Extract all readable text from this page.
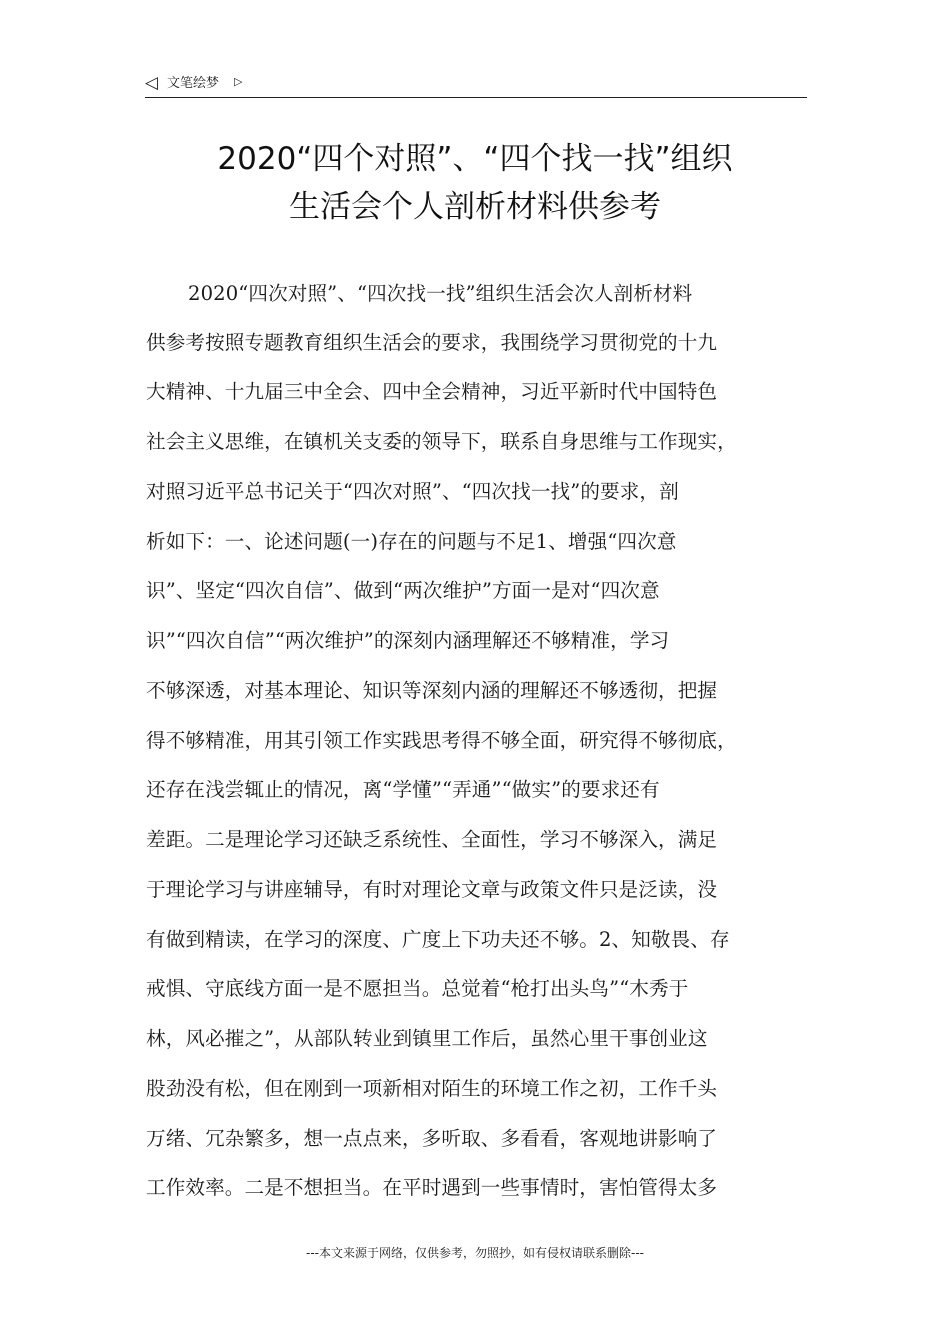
◁ 文笔绘梦 ▷
2020“四个对照”、“四个找一找”组织
生活会个人剖析材料供参考
2020“四次对照”、“四次找一找”组织生活会次人剖析材料
供参考按照专题教育组织生活会的要求，我围绕学习贯彻党的十九
大精神、十九届三中全会、四中全会精神，习近平新时代中国特色
社会主义思维，在镇机关支委的领导下，联系自身思维与工作现实，
对照习近平总书记关于“四次对照”、“四次找一找”的要求，剖
析如下：一、论述问题(一)存在的问题与不足1、增强“四次意
识”、坚定“四次自信”、做到“两次维护”方面一是对“四次意
识”“四次自信”“两次维护”的深刻内涵理解还不够精准，学习
不够深透，对基本理论、知识等深刻内涵的理解还不够透彻，把握
得不够精准，用其引领工作实践思考得不够全面，研究得不够彻底，
还存在浅尝辄止的情况，离“学懂”“弄通”“做实”的要求还有
差距。二是理论学习还缺乏系统性、全面性，学习不够深入，满足
于理论学习与讲座辅导，有时对理论文章与政策文件只是泛读，没
有做到精读，在学习的深度、广度上下功夫还不够。2、知敬畏、存
戒惧、守底线方面一是不愿担当。总觉着“枪打出头鸟”“木秀于
林，风必摧之”，从部队转业到镇里工作后，虽然心里干事创业这
股劲没有松，但在刚到一项新相对陌生的环境工作之初，工作千头
万绪、冗杂繁多，想一点点来，多听取、多看看，客观地讲影响了
工作效率。二是不想担当。在平时遇到一些事情时，害怕管得太多
---本文来源于网络，仅供参考，勿照抄，如有侵权请联系删除---
